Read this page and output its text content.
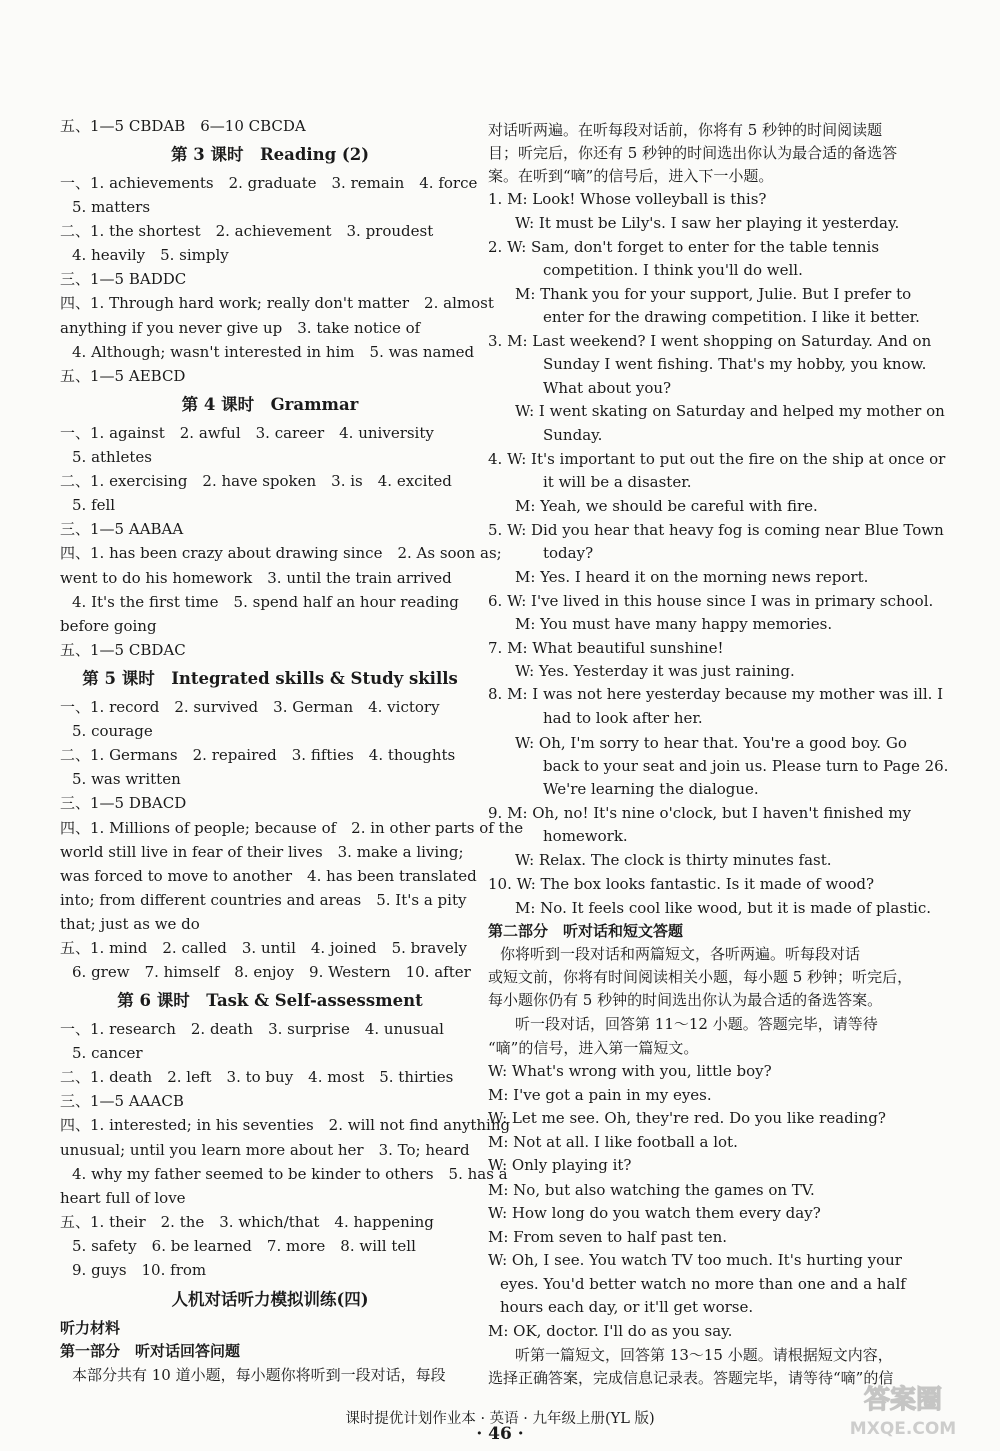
五、1—5 CBDAB　6—10 CBCDA
第 3 课时　Reading (2)
一、1. achievements　2. graduate　3. remain　4. force
5. matters
二、1. the shortest　2. achievement　3. proudest
4. heavily　5. simply
三、1—5 BADDC
四、1. Through hard work; really don't matter　2. almost
anything if you never give up　3. take notice of
4. Although; wasn't interested in him　5. was named
五、1—5 AEBCD
第 4 课时　Grammar
一、1. against　2. awful　3. career　4. university
5. athletes
二、1. exercising　2. have spoken　3. is　4. excited
5. fell
三、1—5 AABAA
四、1. has been crazy about drawing since　2. As soon as;
went to do his homework　3. until the train arrived
4. It's the first time　5. spend half an hour reading
before going
五、1—5 CBDAC
第 5 课时　Integrated skills & Study skills
一、1. record　2. survived　3. German　4. victory
5. courage
二、1. Germans　2. repaired　3. fifties　4. thoughts
5. was written
三、1—5 DBACD
四、1. Millions of people; because of　2. in other parts of the
world still live in fear of their lives　3. make a living;
was forced to move to another　4. has been translated
into; from different countries and areas　5. It's a pity
that; just as we do
五、1. mind　2. called　3. until　4. joined　5. bravely
6. grew　7. himself　8. enjoy　9. Western　10. after
第 6 课时　Task & Self-assessment
一、1. research　2. death　3. surprise　4. unusual
5. cancer
二、1. death　2. left　3. to buy　4. most　5. thirties
三、1—5 AAACB
四、1. interested; in his seventies　2. will not find anything
unusual; until you learn more about her　3. To; heard
4. why my father seemed to be kinder to others　5. has a
heart full of love
五、1. their　2. the　3. which/that　4. happening
5. safety　6. be learned　7. more　8. will tell
9. guys　10. from
人机对话听力模拟训练(四)
听力材料
第一部分　听对话回答问题
本部分共有 10 道小题，每小题你将听到一段对话，每段
对话听两遍。在听每段对话前，你将有 5 秒钟的时间阅读题
目；听完后，你还有 5 秒钟的时间选出你认为最合适的备选答
案。在听到“嘀”的信号后，进入下一小题。
1. M: Look! Whose volleyball is this?
　W: It must be Lily's. I saw her playing it yesterday.
2. W: Sam, don't forget to enter for the table tennis
competition. I think you'll do well.
　M: Thank you for your support, Julie. But I prefer to
enter for the drawing competition. I like it better.
3. M: Last weekend? I went shopping on Saturday. And on
Sunday I went fishing. That's my hobby, you know.
What about you?
　W: I went skating on Saturday and helped my mother on
Sunday.
4. W: It's important to put out the fire on the ship at once or
it will be a disaster.
　M: Yeah, we should be careful with fire.
5. W: Did you hear that heavy fog is coming near Blue Town
today?
　M: Yes. I heard it on the morning news report.
6. W: I've lived in this house since I was in primary school.
　M: You must have many happy memories.
7. M: What beautiful sunshine!
　W: Yes. Yesterday it was just raining.
8. M: I was not here yesterday because my mother was ill. I
had to look after her.
　W: Oh, I'm sorry to hear that. You're a good boy. Go
back to your seat and join us. Please turn to Page 26.
We're learning the dialogue.
9. M: Oh, no! It's nine o'clock, but I haven't finished my
homework.
　W: Relax. The clock is thirty minutes fast.
10. W: The box looks fantastic. Is it made of wood?
　M: No. It feels cool like wood, but it is made of plastic.
第二部分　听对话和短文答题
你将听到一段对话和两篇短文，各听两遍。听每段对话
或短文前，你将有时间阅读相关小题，每小题 5 秒钟；听完后，
每小题你仍有 5 秒钟的时间选出你认为最合适的备选答案。
　听一段对话，回答第 11～12 小题。答题完毕，请等待
“嘀”的信号，进入第一篇短文。
W: What's wrong with you, little boy?
M: I've got a pain in my eyes.
W: Let me see. Oh, they're red. Do you like reading?
M: Not at all. I like football a lot.
W: Only playing it?
M: No, but also watching the games on TV.
W: How long do you watch them every day?
M: From seven to half past ten.
W: Oh, I see. You watch TV too much. It's hurting your
eyes. You'd better watch no more than one and a half
hours each day, or it'll get worse.
M: OK, doctor. I'll do as you say.
　听第一篇短文，回答第 13～15 小题。请根据短文内容，
选择正确答案，完成信息记录表。答题完毕，请等待“嘀”的信
课时提优计划作业本 · 英语 · 九年级上册(YL 版)
· 46 ·
答案圈
MXQE.COM
